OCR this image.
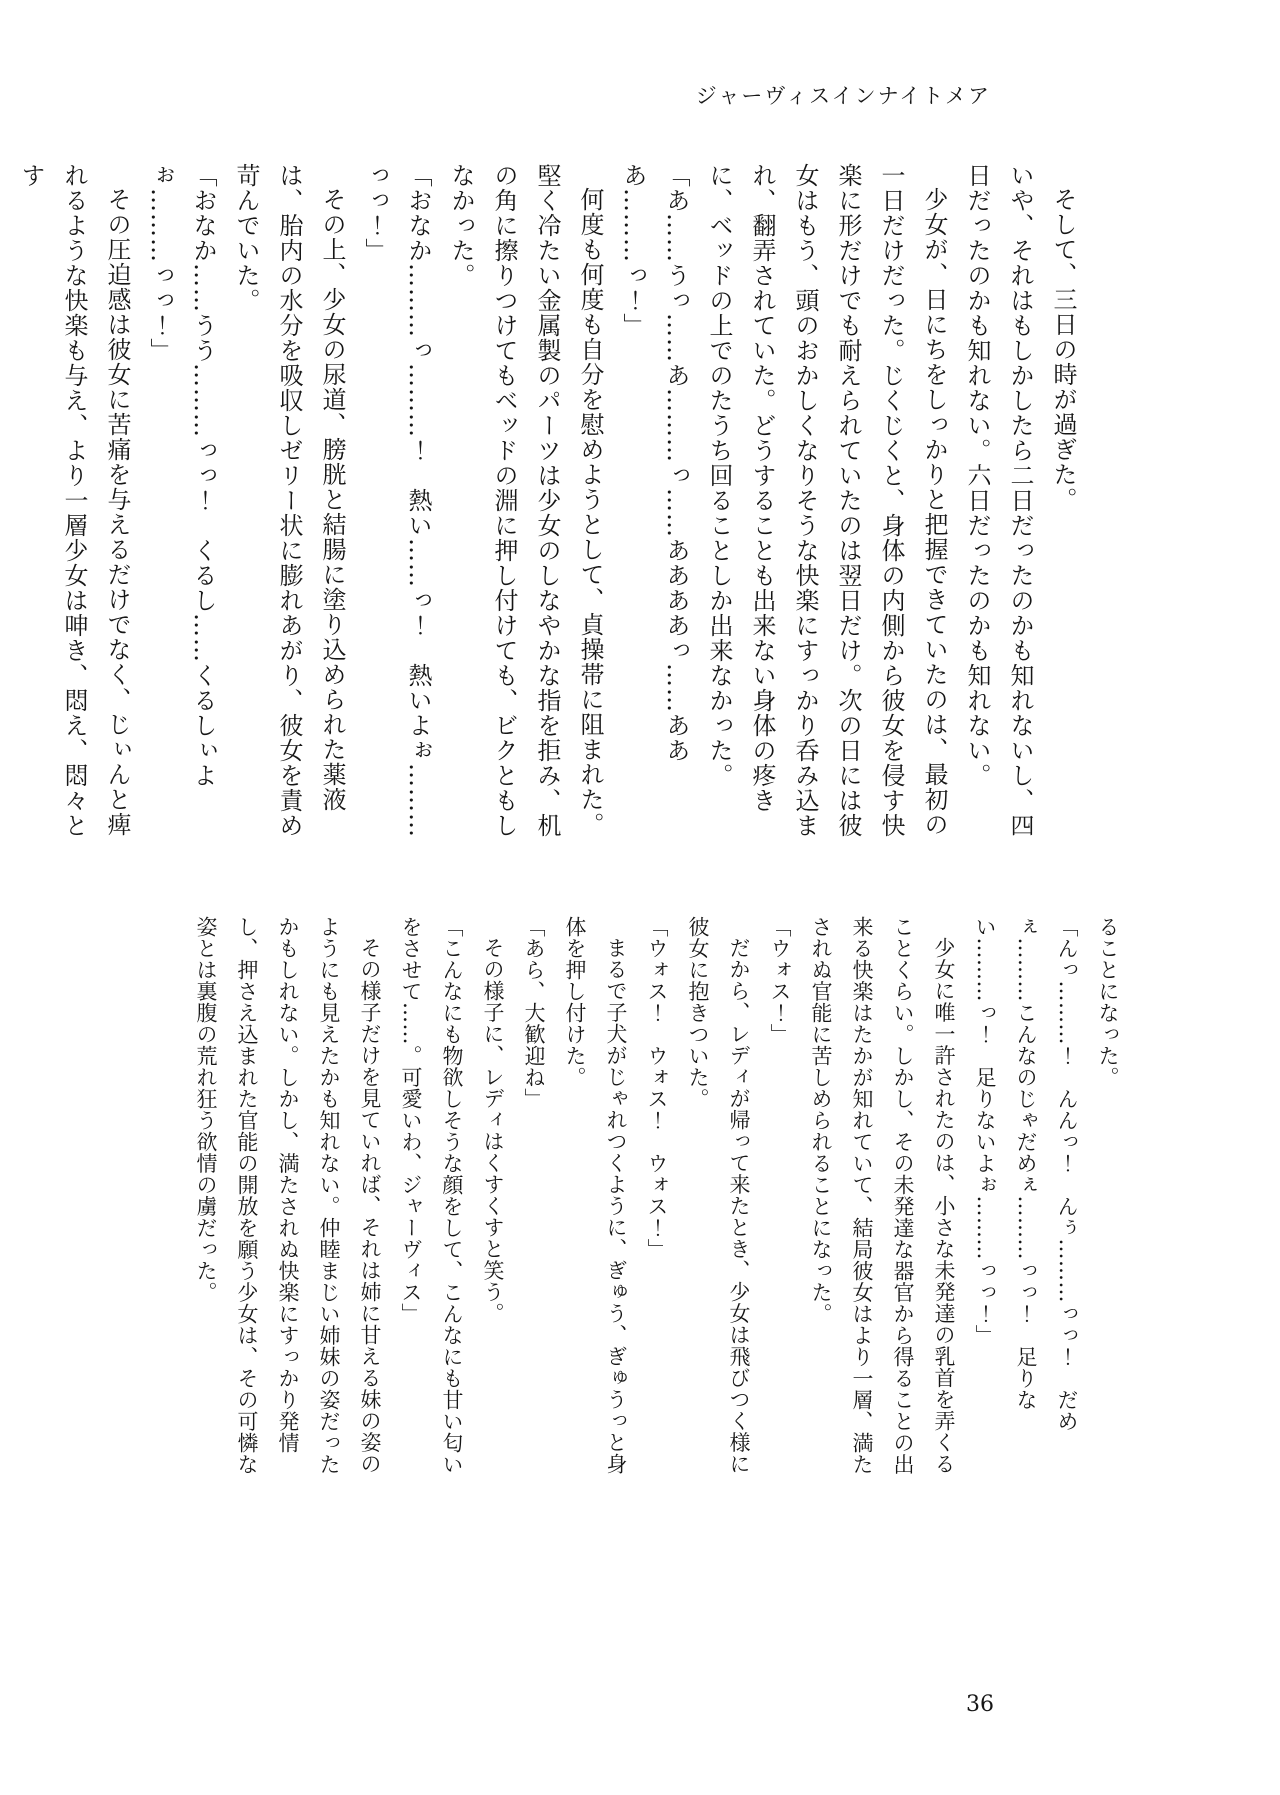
ジャーヴィスインナイトメア

そして、三日の時が過ぎた。

いや、それはもしかしたら二日だったのかも知れないし、四日だったのかも知れない。六日だったのかも知れない。

少女が、日にちをしっかりと把握できていたのは、最初の一日だけだった。じくじくと、身体の内側から彼女を侵す快楽に形だけでも耐えられていたのは翌日だけ。次の日には彼女はもう、頭のおかしくなりそうな快楽にすっかり呑み込まれ、翻弄されていた。どうすることも出来ない身体の疼きに、ベッドの上でのたうち回ることしか出来なかった。

「あ……うっ……あ………っ……ああああっ……あああ………っ！」

何度も何度も自分を慰めようとして、貞操帯に阻まれた。堅く冷たい金属製のパーツは少女のしなやかな指を拒み、机の角に擦りつけてもベッドの淵に押し付けても、ビクともしなかった。

「おなか………っ………！　熱い……っ！　熱いよぉ………っっ！」

その上、少女の尿道、膀胱と結腸に塗り込められた薬液は、胎内の水分を吸収しゼリー状に膨れあがり、彼女を責め苛んでいた。

「おなか……うう………っっ！　くるし……くるしぃよぉ………っっ！」

その圧迫感は彼女に苦痛を与えるだけでなく、じぃんと痺れるような快楽も与え、より一層少女は呻き、悶え、悶々とす

ることになった。

「んっ………！　んんっ！　んぅ………っっ！　だめぇ………こんなのじゃだめぇ………っっ！　足りない………っ！　足りないよぉ………っっ！」

少女に唯一許されたのは、小さな未発達の乳首を弄くることくらい。しかし、その未発達な器官から得ることの出来る快楽はたかが知れていて、結局彼女はより一層、満たされぬ官能に苦しめられることになった。

「ウォス！」

だから、レディが帰って来たとき、少女は飛びつく様に彼女に抱きついた。

「ウォス！　ウォス！　ウォス！」

まるで子犬がじゃれつくように、ぎゅう、ぎゅうっと身体を押し付けた。

「あら、大歓迎ね」

その様子に、レディはくすくすと笑う。

「こんなにも物欲しそうな顔をして、こんなにも甘い匂いをさせて……。可愛いわ、ジャーヴィス」

その様子だけを見ていれば、それは姉に甘える妹の姿のようにも見えたかも知れない。仲睦まじい姉妹の姿だったかもしれない。しかし、満たされぬ快楽にすっかり発情し、押さえ込まれた官能の開放を願う少女は、その可憐な姿とは裏腹の荒れ狂う欲情の虜だった。

36
